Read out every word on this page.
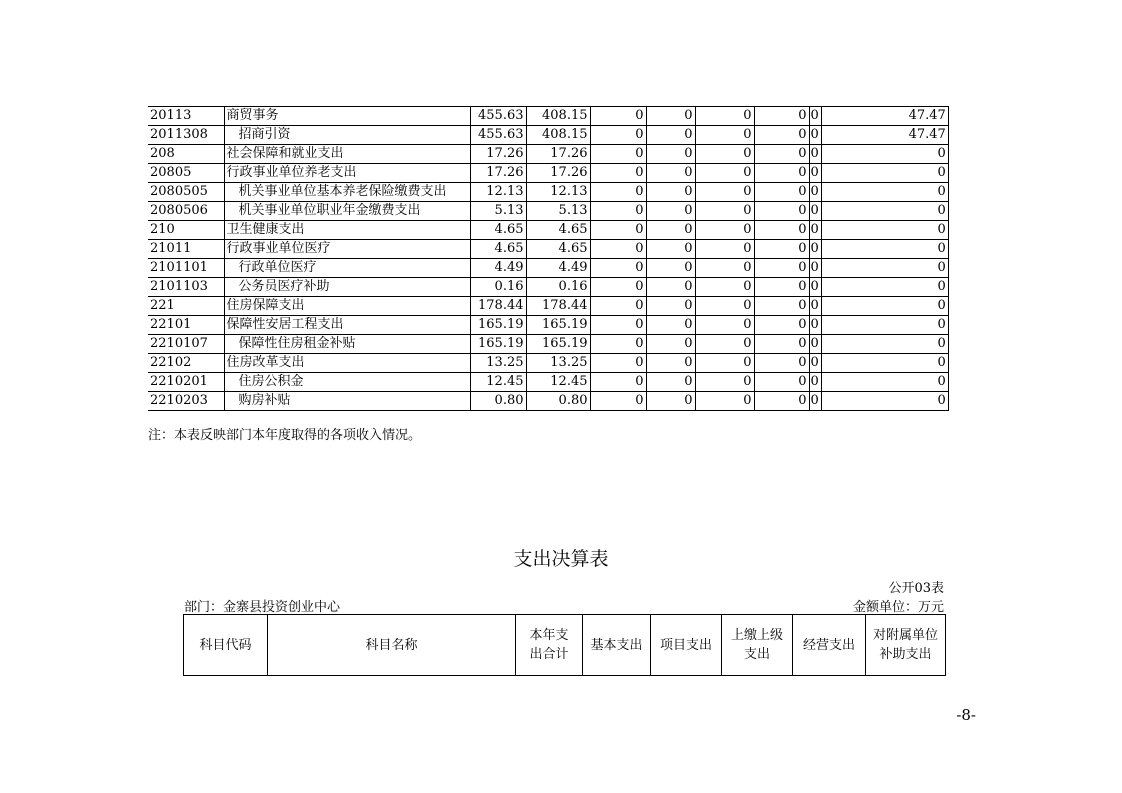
20113	商贸事务	455.63	408.15	0	0	0	0	0	47.47
2011308	招商引资	455.63	408.15	0	0	0	0	0	47.47
208	社会保障和就业支出	17.26	17.26	0	0	0	0	0	0
20805	行政事业单位养老支出	17.26	17.26	0	0	0	0	0	0
2080505	机关事业单位基本养老保险缴费支出	12.13	12.13	0	0	0	0	0	0
2080506	机关事业单位职业年金缴费支出	5.13	5.13	0	0	0	0	0	0
210	卫生健康支出	4.65	4.65	0	0	0	0	0	0
21011	行政事业单位医疗	4.65	4.65	0	0	0	0	0	0
2101101	行政单位医疗	4.49	4.49	0	0	0	0	0	0
2101103	公务员医疗补助	0.16	0.16	0	0	0	0	0	0
221	住房保障支出	178.44	178.44	0	0	0	0	0	0
22101	保障性安居工程支出	165.19	165.19	0	0	0	0	0	0
2210107	保障性住房租金补贴	165.19	165.19	0	0	0	0	0	0
22102	住房改革支出	13.25	13.25	0	0	0	0	0	0
2210201	住房公积金	12.45	12.45	0	0	0	0	0	0
2210203	购房补贴	0.80	0.80	0	0	0	0	0	0
注：本表反映部门本年度取得的各项收入情况。
支出决算表
公开03表
部门：金寨县投资创业中心	金额单位：万元
科目代码	科目名称	本年支出合计	基本支出	项目支出	上缴上级支出	经营支出	对附属单位补助支出
-8-
